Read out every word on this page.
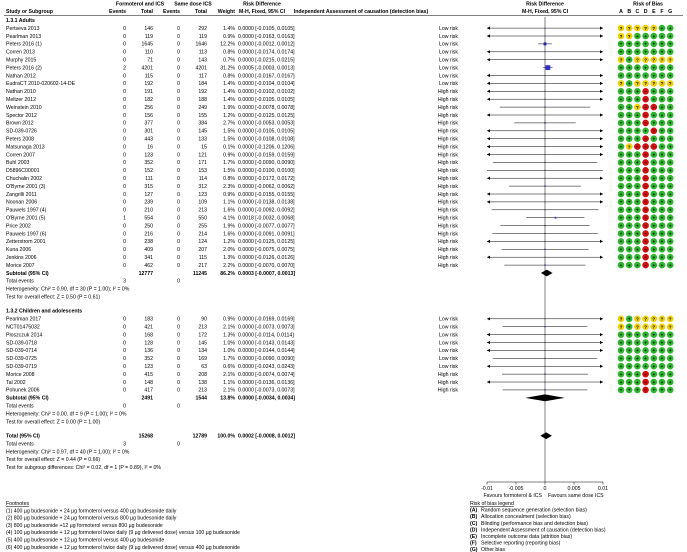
Study or Subgroup
Formoterol and ICS Same dose ICS
Events	Total Events	Total Weight
Risk Difference
M-H, Fixed, 95% CI Independent Assessment of causation (detection bias)
Risk Difference
M-H, Fixed, 95% CI
Risk of Bias
A B C D E F G
1.3.1 Adults
Pertseva 2013	0	146	0	292	1.4% 0.0000 [-0.0105, 0.0105]	Low risk	? ? ? ? ? + +
Pearlman 2013	0	119	0	119	0.9% 0.0000 [-0.0163, 0.0163]	Low risk	? ? + + + + +
Peters 2016 (1)	0	1645	0	1646	12.2% 0.0000 [-0.0012, 0.0012]	Low risk	+ + + + + + +
Corren 2013	0	110	0	113	0.8% 0.0000 [-0.0174, 0.0174]	Low risk	+ + + + + + +
Murphy 2015	0	71	0	143	0.7% 0.0000 [-0.0215, 0.0215]	Low risk	? + ? ? ? ? ?
Peters 2016 (2)	2	4201	0	4201	31.2% 0.0005 [-0.0003, 0.0013]	Low risk	+ + + + + + +
Nathan 2012	0	115	0	117	0.8% 0.0000 [-0.0167, 0.0167]	Low risk	+ + + + + + +
EudraCT 2010-020602-14-DE	0	192	0	184	1.4% 0.0000 [-0.0104, 0.0104]	Low risk	? + ? ? ? ? ?
Nathan 2010	0	191	0	192	1.4% 0.0000 [-0.0102, 0.0102]	High risk	+ + + − + + +
Meltzer 2012	0	182	0	188	1.4% 0.0000 [-0.0105, 0.0105]	High risk	+ + + − + + +
Weinstein 2010	0	256	0	249	1.9% 0.0000 [-0.0078, 0.0078]	High risk	+ + ? − − + +
Spector 2012	0	156	0	155	1.2% 0.0000 [-0.0125, 0.0125]	High risk	+ + + − + + +
Brown 2012	0	377	0	384	2.7% 0.0000 [-0.0053, 0.0053]	High risk	+ + + − + + +
SD-039-0726	0	301	0	145	1.5% 0.0000 [-0.0105, 0.0105]	High risk	+ + + + − + +
Peters 2008	0	443	0	133	1.5% 0.0000 [-0.0108, 0.0108]	High risk	+ + + − + + +
Matsunaga 2013	0	16	0	15	0.1% 0.0000 [-0.1206, 0.1206]	High risk	+ ? − − − + +
Corren 2007	0	123	0	121	0.9% 0.0000 [-0.0159, 0.0159]	High risk	+ + + − + + +
Buhl 2003	0	352	0	171	1.7% 0.0000 [-0.0090, 0.0090]	High risk	+ + + − + + +
D5896C00001	0	152	0	153	1.5% 0.0000 [-0.0100, 0.0100]	High risk	+ + + − + + +
Chuchalin 2002	0	111	0	114	0.8% 0.0000 [-0.0172, 0.0172]	High risk	+ + + − + + +
O'Byrne 2001 (3)	0	315	0	312	2.3% 0.0000 [-0.0062, 0.0062]	High risk	+ + + − + + +
Zangrilli 2011	0	127	0	123	0.9% 0.0000 [-0.0155, 0.0155]	High risk	+ + + − + + +
Noonan 2006	0	239	0	109	1.1% 0.0000 [-0.0138, 0.0138]	High risk	+ + + − + + +
Pauwels 1997 (4)	0	210	0	213	1.6% 0.0000 [-0.0092, 0.0092]	High risk	+ + + − + + +
O'Byrne 2001 (5)	1	554	0	550	4.1% 0.0018 [-0.0032, 0.0068]	High risk	+ + + − + + +
Price 2002	0	250	0	255	1.9% 0.0000 [-0.0077, 0.0077]	High risk	+ + + − + + +
Pauwels 1997 (6)	0	216	0	214	1.6% 0.0000 [-0.0091, 0.0091]	High risk	+ + + − + + +
Zetterstrom 2001	0	238	0	124	1.2% 0.0000 [-0.0125, 0.0125]	High risk	+ + + − + + +
Kuna 2006	0	409	0	207	2.0% 0.0000 [-0.0075, 0.0075]	High risk	+ + + − + + +
Jenkins 2006	0	341	0	115	1.3% 0.0000 [-0.0126, 0.0126]	High risk	+ + + − + + +
Morice 2007	0	462	0	217	2.2% 0.0000 [-0.0070, 0.0070]	High risk	+ + + − + + +
Subtotal (95% CI)	12777	11245	86.2% 0.0003 [-0.0007, 0.0013]
Total events	3	0
Heterogeneity: Chi² = 0.90, df = 30 (P = 1.00); I² = 0%
Test for overall effect: Z = 0.50 (P = 0.61)
1.3.2 Children and adolescents
Pearlman 2017	0	183	0	90	0.9% 0.0000 [-0.0169, 0.0169]	Low risk	? + ? ? ? ? ?
NCT01475032	0	421	0	213	2.1% 0.0000 [-0.0073, 0.0073]	Low risk	? + ? ? ? ? ?
Ploszczuk 2014	0	168	0	172	1.3% 0.0000 [-0.0114, 0.0114]	Low risk	+ + + + + + +
SD-039-0718	0	128	0	145	1.0% 0.0000 [-0.0143, 0.0143]	Low risk	+ + + + + + +
SD-039-0714	0	136	0	134	1.0% 0.0000 [-0.0144, 0.0144]	Low risk	+ + + + + + +
SD-039-0725	0	352	0	169	1.7% 0.0000 [-0.0090, 0.0090]	Low risk	+ + + + + + +
SD-039-0719	0	123	0	63	0.6% 0.0000 [-0.0243, 0.0243]	Low risk	+ + + + + + +
Morice 2008	0	415	0	208	2.1% 0.0000 [-0.0074, 0.0074]	High risk	+ + + − + + +
Tal 2002	0	148	0	138	1.1% 0.0000 [-0.0136, 0.0136]	High risk	+ + + − + + +
Pohunek 2006	0	417	0	213	2.1% 0.0000 [-0.0073, 0.0073]	High risk	+ + + − + + +
Subtotal (95% CI)	2491	1544	13.8% 0.0000 [-0.0034, 0.0034]
Total events	0	0
Heterogeneity: Chi² = 0.00, df = 9 (P = 1.00); I² = 0%
Test for overall effect: Z = 0.00 (P = 1.00)
Total (95% CI)	15268	12789 100.0% 0.0002 [-0.0008, 0.0012]
Total events	3	0
Heterogeneity: Chi² = 0.97, df = 40 (P = 1.00); I² = 0%
Test for overall effect: Z = 0.44 (P = 0.66)
Test for subgroup differences: Chi² = 0.02, df = 1 (P = 0.89), I² = 0%
-0.01	-0.005	0	0.005	0.01
Favours formoterol & ICS Favours same dose ICS
Footnotes
(1) 400 µg budesonide + 24 µg formoterol versus 400 µg budesonide daily
(2) 800 µg budesonide + 24 µg formoterol versus 800 µg budesonide daily
(3) 800 µg budesonide +12 µg formoterol versus 800 µg budesonide
(4) 100 µg budesonide + 12 µg formoterol twice daily (9 µg delivered dose) versus 100 µg budesonide
(5) 400 µg budesonide + 12 µg formoterol versus 400 µg budesonide
(6) 400 µg budesonide + 12 µg formoterol twice daily (9 µg delivered dose) versus 400 µg budesonide
Risk of bias legend
(A) Random sequence generation (selection bias)
(B) Allocation concealment (selection bias)
(C) Blinding (performance bias and detection bias)
(D) Independent Assessment of causation (detection bias)
(E) Incomplete outcome data (attrition bias)
(F) Selective reporting (reporting bias)
(G) Other bias
